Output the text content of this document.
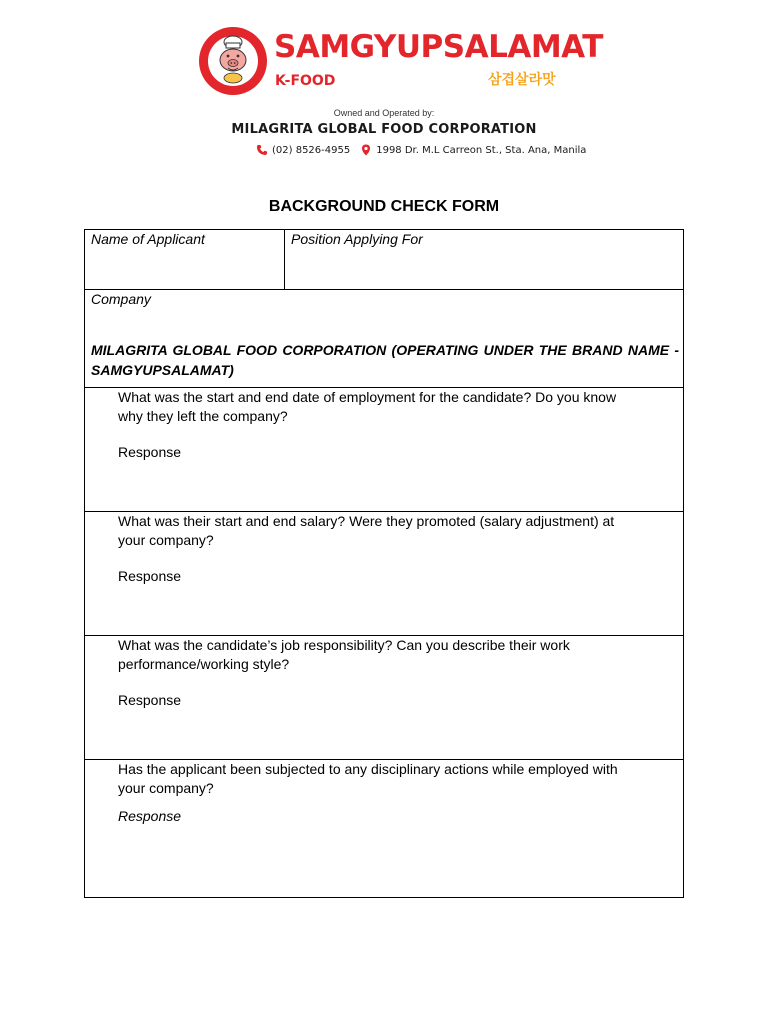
SAMGYUPSALAMAT
K-FOOD	삼겹살라맛
Owned and Operated by:
MILAGRITA GLOBAL FOOD CORPORATION
(02) 8526-4955	1998 Dr. M.L Carreon St., Sta. Ana, Manila
BACKGROUND CHECK FORM
Name of Applicant	Position Applying For
Company
MILAGRITA GLOBAL FOOD CORPORATION (OPERATING UNDER THE BRAND NAME - SAMGYUPSALAMAT)
What was the start and end date of employment for the candidate? Do you know
why they left the company?
Response
What was their start and end salary? Were they promoted (salary adjustment) at
your company?
Response
What was the candidate’s job responsibility? Can you describe their work
performance/working style?
Response
Has the applicant been subjected to any disciplinary actions while employed with
your company?
Response
